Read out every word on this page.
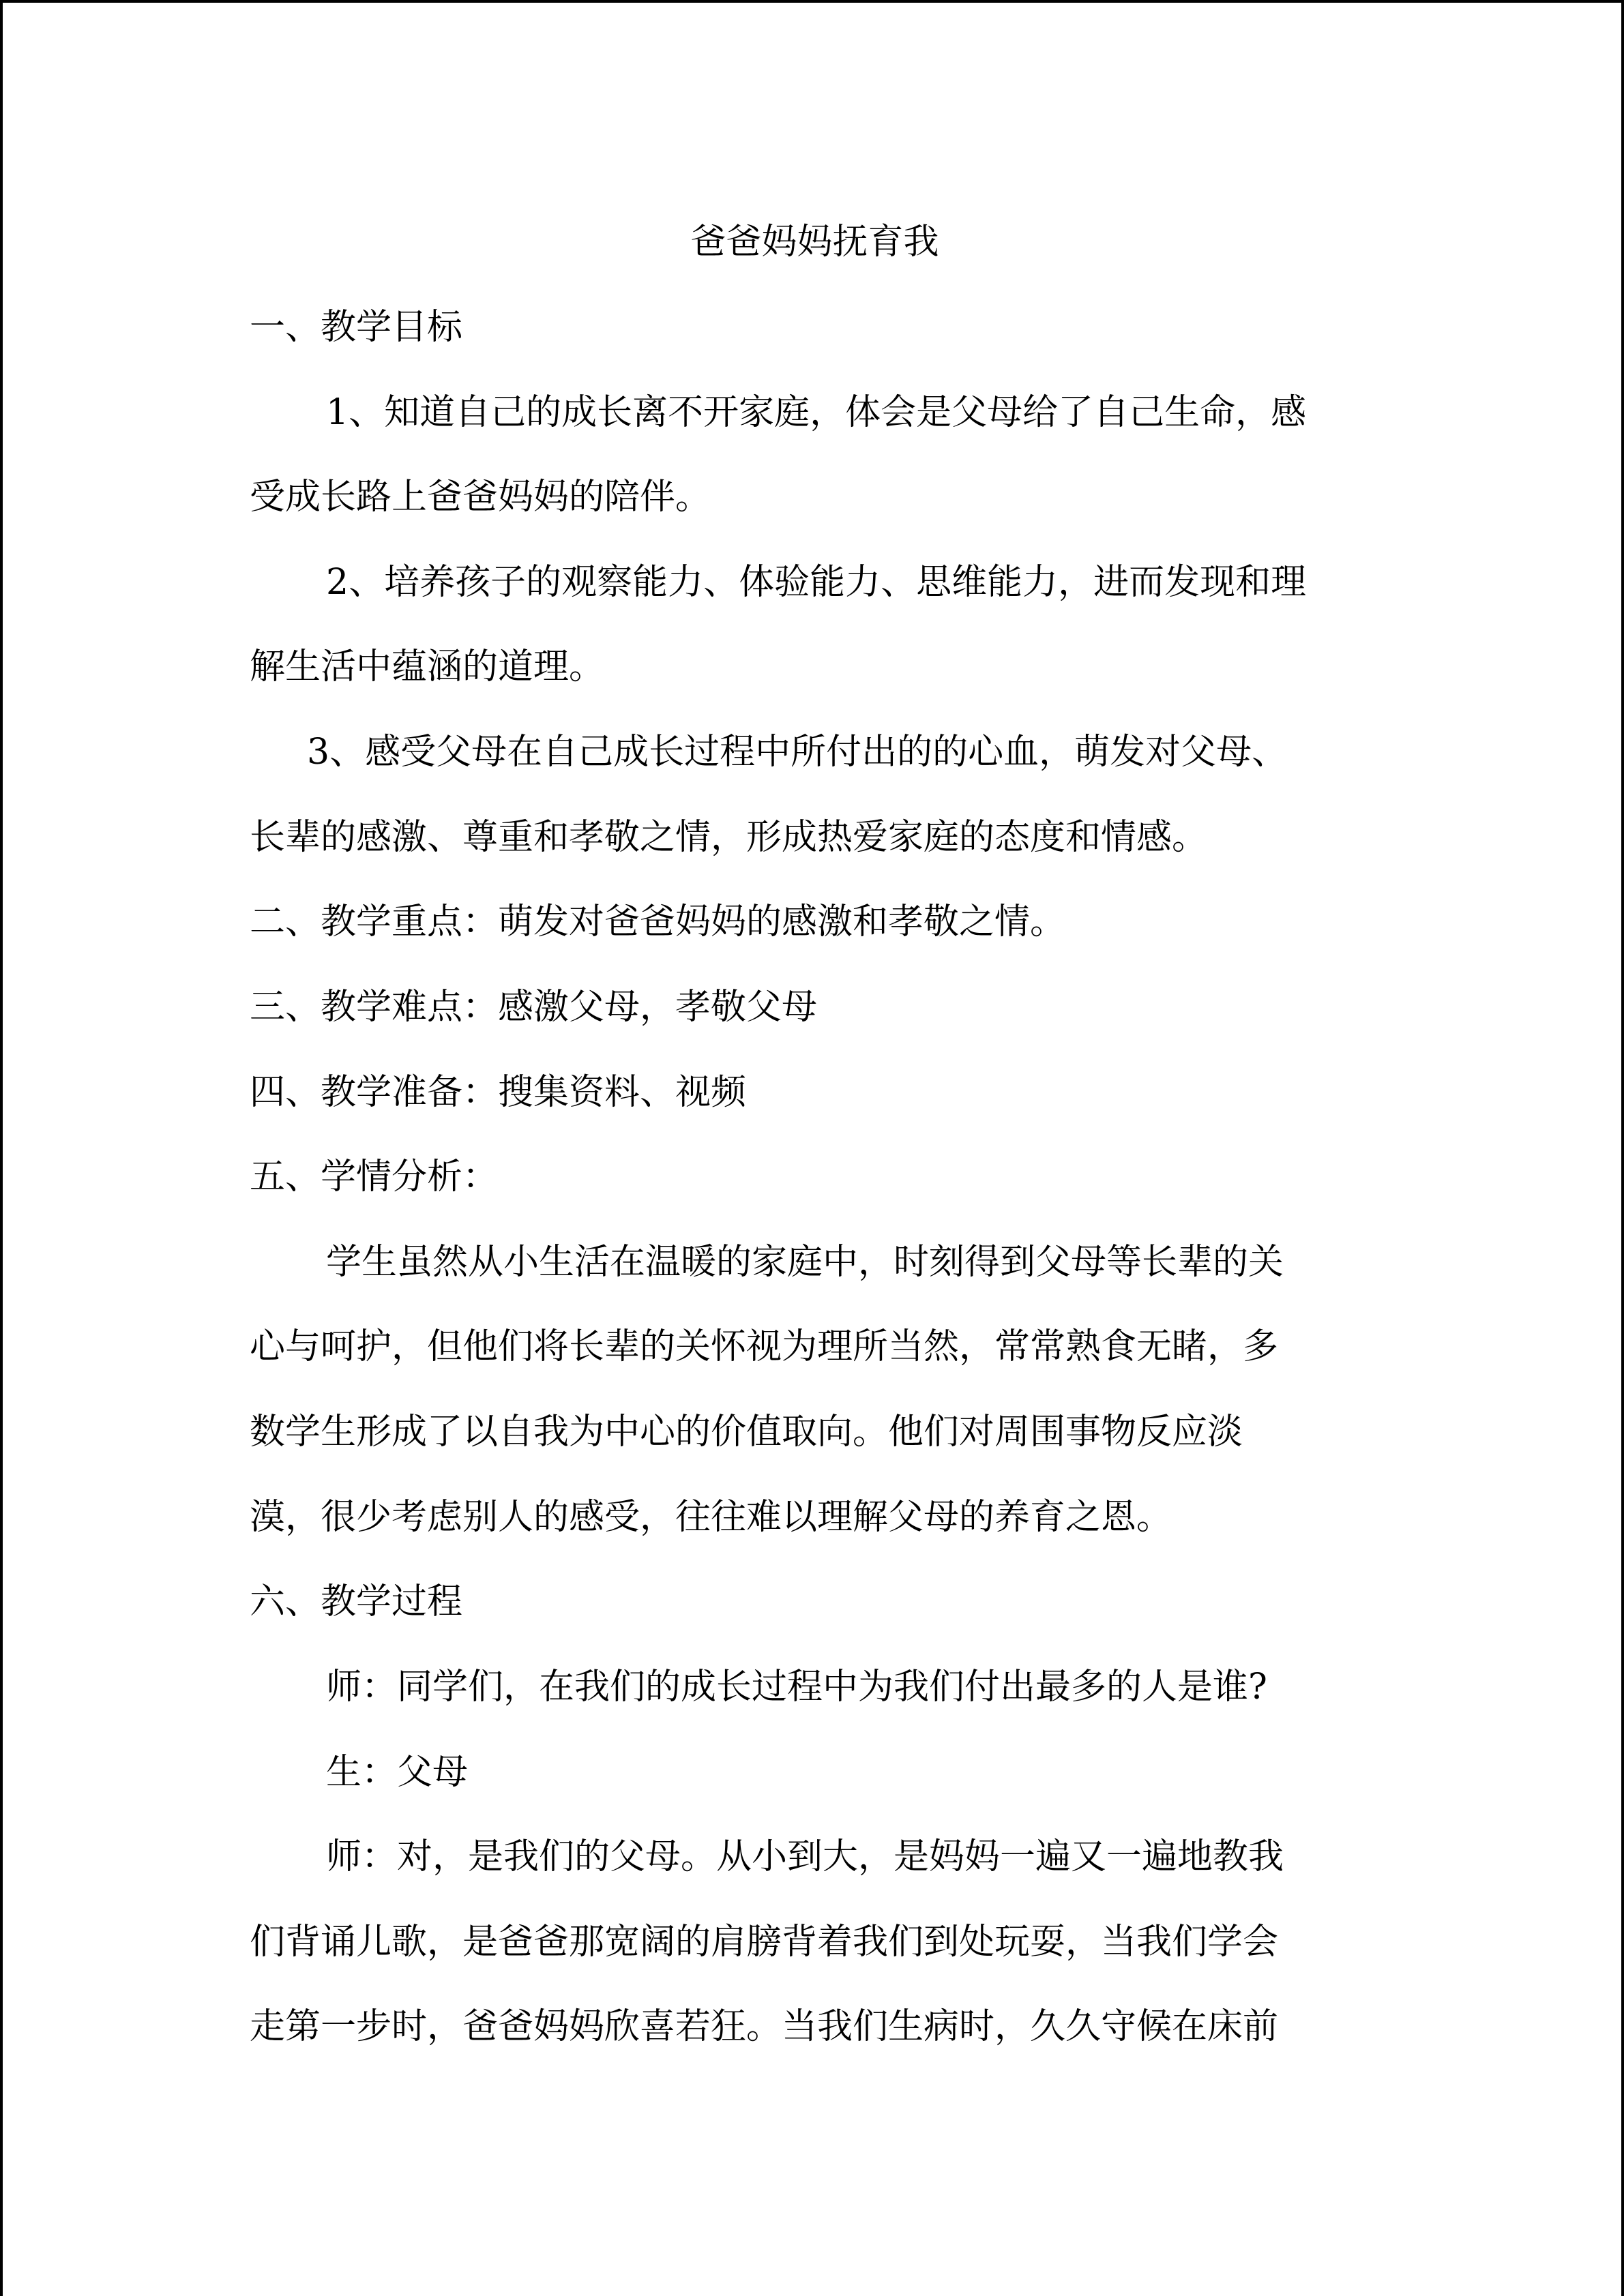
爸爸妈妈抚育我
一、教学目标
1、知道自己的成长离不开家庭，体会是父母给了自己生命，感
受成长路上爸爸妈妈的陪伴。
2、培养孩子的观察能力、体验能力、思维能力，进而发现和理
解生活中蕴涵的道理。
3、感受父母在自己成长过程中所付出的的心血，萌发对父母、
长辈的感激、尊重和孝敬之情，形成热爱家庭的态度和情感。
二、教学重点：萌发对爸爸妈妈的感激和孝敬之情。
三、教学难点：感激父母，孝敬父母
四、教学准备：搜集资料、视频
五、学情分析：
学生虽然从小生活在温暖的家庭中，时刻得到父母等长辈的关
心与呵护，但他们将长辈的关怀视为理所当然，常常熟食无睹，多
数学生形成了以自我为中心的价值取向。他们对周围事物反应淡
漠，很少考虑别人的感受，往往难以理解父母的养育之恩。
六、教学过程
师：同学们，在我们的成长过程中为我们付出最多的人是谁?
生：父母
师：对，是我们的父母。从小到大，是妈妈一遍又一遍地教我
们背诵儿歌，是爸爸那宽阔的肩膀背着我们到处玩耍，当我们学会
走第一步时，爸爸妈妈欣喜若狂。当我们生病时，久久守候在床前
